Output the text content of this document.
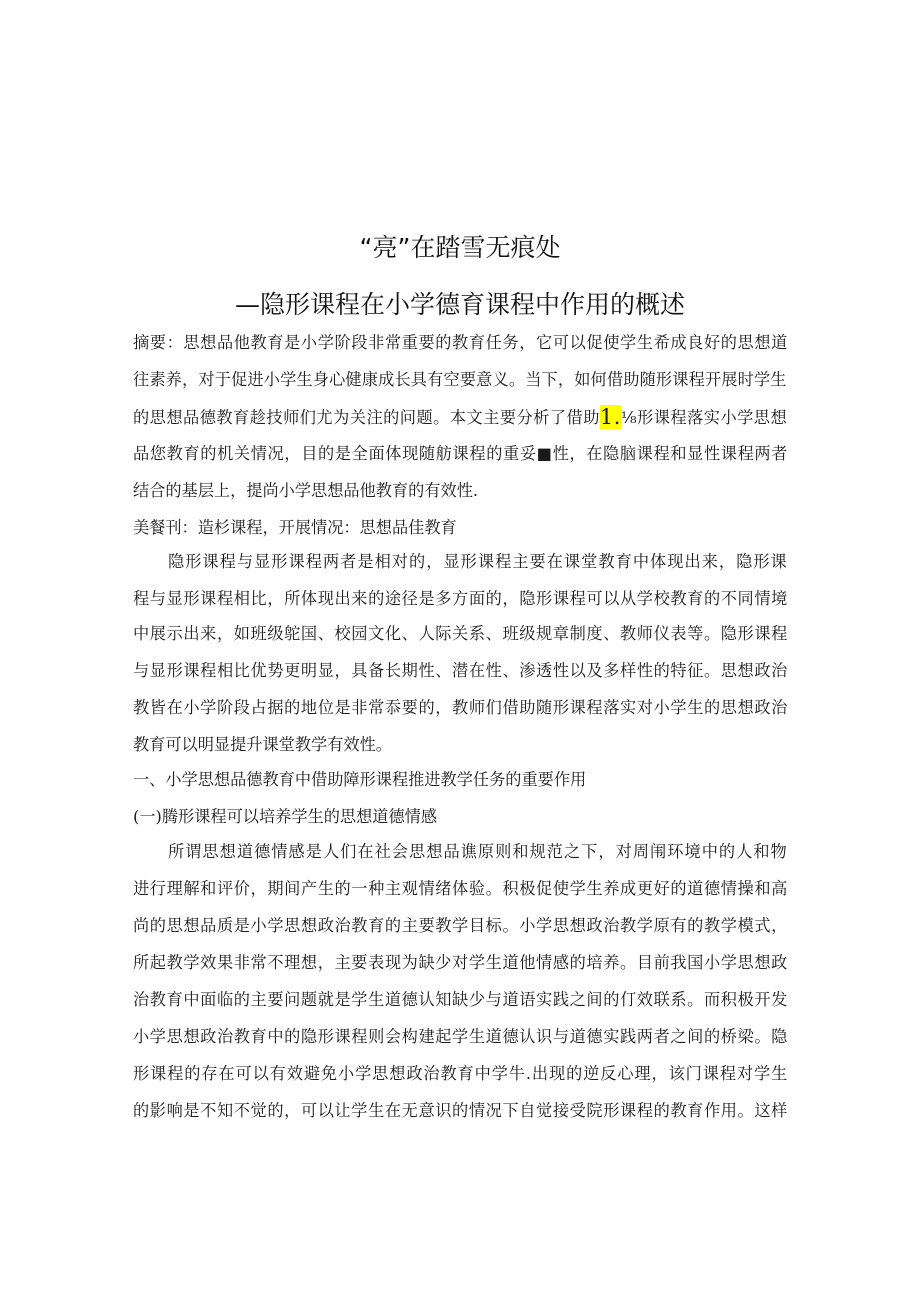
“亮”在踏雪无痕处
—隐形课程在小学德育课程中作用的概述
摘要：思想品他教育是小学阶段非常重要的教育任务，它可以促使学生希成良好的思想道
往素养，对于促进小学生身心健康成长具有空要意义。当下，如何借助随形课程开展时学生
的思想品德教育趁技师们尤为关注的问题。本文主要分析了借助1.⅛形课程落实小学思想
品您教育的机关情况，目的是全面体现随舫课程的重妥■性，在隐脑课程和显性课程两者
结合的基层上，提尚小学思想品他教育的有效性.
美餐刊：造杉课程，开展情况：思想品佳教育
隐形课程与显形课程两者是相对的，显形课程主要在课堂教育中体现出来，隐形课
程与显形课程相比，所体现出来的途径是多方面的，隐形课程可以从学校教育的不同情境
中展示出来，如班级鸵国、校园文化、人际关系、班级规章制度、教师仪表等。隐形课程
与显形课程相比优势更明显，具备长期性、潜在性、渗透性以及多样性的特征。思想政治
教皆在小学阶段占据的地位是非常忝要的，教师们借助随形课程落实对小学生的思想政治
教育可以明显提升课堂教学有效性。
一、小学思想品德教育中借助障形课程推进教学任务的重要作用
(一)腾形课程可以培养学生的思想道德情感
所谓思想道德情感是人们在社会思想品谯原则和规范之下，对周闱环境中的人和物
进行理解和评价，期间产生的一种主观情绪体验。积极促使学生养成更好的道德情操和高
尚的思想品质是小学思想政治教育的主要教学目标。小学思想政治教学原有的教学模式，
所起教学效果非常不理想，主要表现为缺少对学生道他情感的培养。目前我国小学思想政
治教育中面临的主要问题就是学生道德认知缺少与道语实践之间的仃效联系。而积极开发
小学思想政治教育中的隐形课程则会构建起学生道德认识与道德实践两者之间的桥梁。隐
形课程的存在可以有效避免小学思想政治教育中学牛.出现的逆反心理，该门课程对学生
的影响是不知不觉的，可以让学生在无意识的情况下自觉接受院形课程的教育作用。这样
